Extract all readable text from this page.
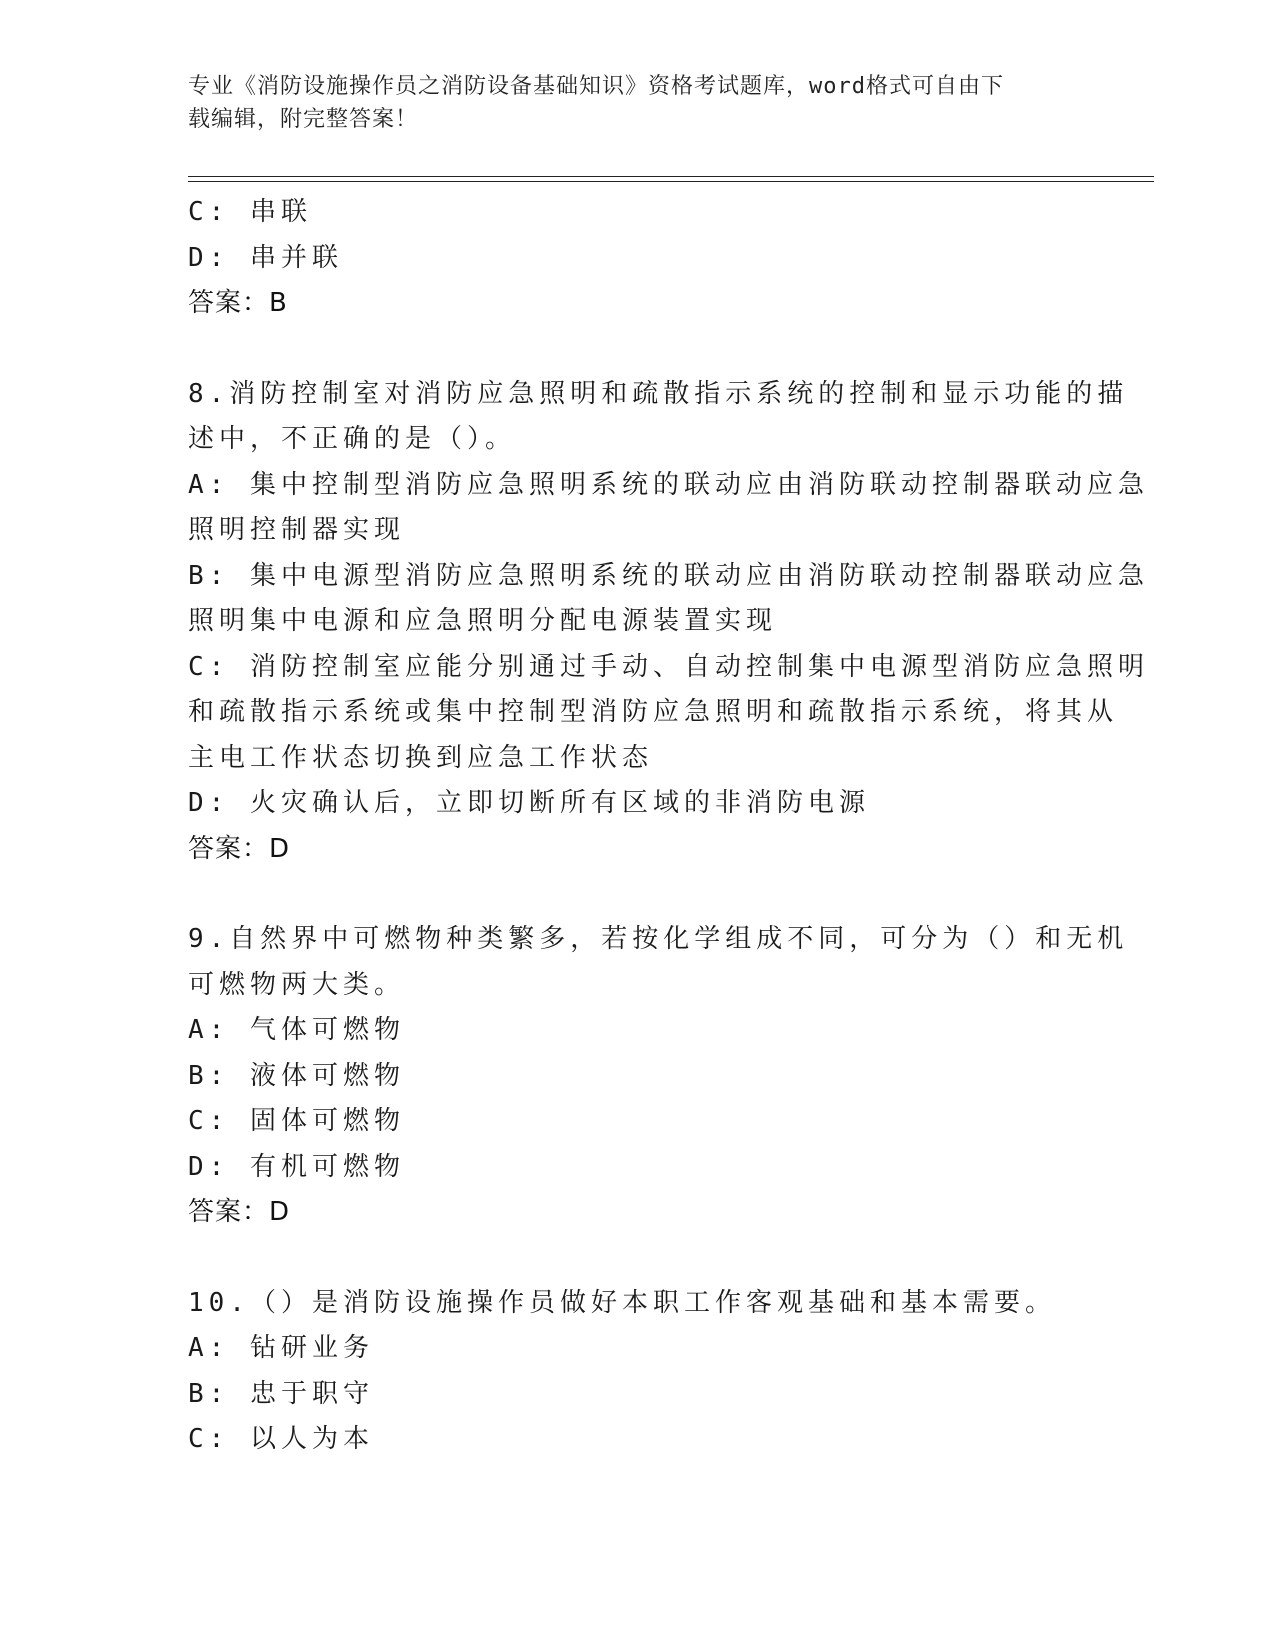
专业《消防设施操作员之消防设备基础知识》资格考试题库，word格式可自由下
载编辑，附完整答案！
C: 串联
D: 串并联
答案：B
8.消防控制室对消防应急照明和疏散指示系统的控制和显示功能的描
述中，不正确的是（）。
A: 集中控制型消防应急照明系统的联动应由消防联动控制器联动应急
照明控制器实现
B: 集中电源型消防应急照明系统的联动应由消防联动控制器联动应急
照明集中电源和应急照明分配电源装置实现
C: 消防控制室应能分别通过手动、自动控制集中电源型消防应急照明
和疏散指示系统或集中控制型消防应急照明和疏散指示系统，将其从
主电工作状态切换到应急工作状态
D: 火灾确认后，立即切断所有区域的非消防电源
答案：D
9.自然界中可燃物种类繁多，若按化学组成不同，可分为（）和无机
可燃物两大类。
A: 气体可燃物
B: 液体可燃物
C: 固体可燃物
D: 有机可燃物
答案：D
10.（）是消防设施操作员做好本职工作客观基础和基本需要。
A: 钻研业务
B: 忠于职守
C: 以人为本
